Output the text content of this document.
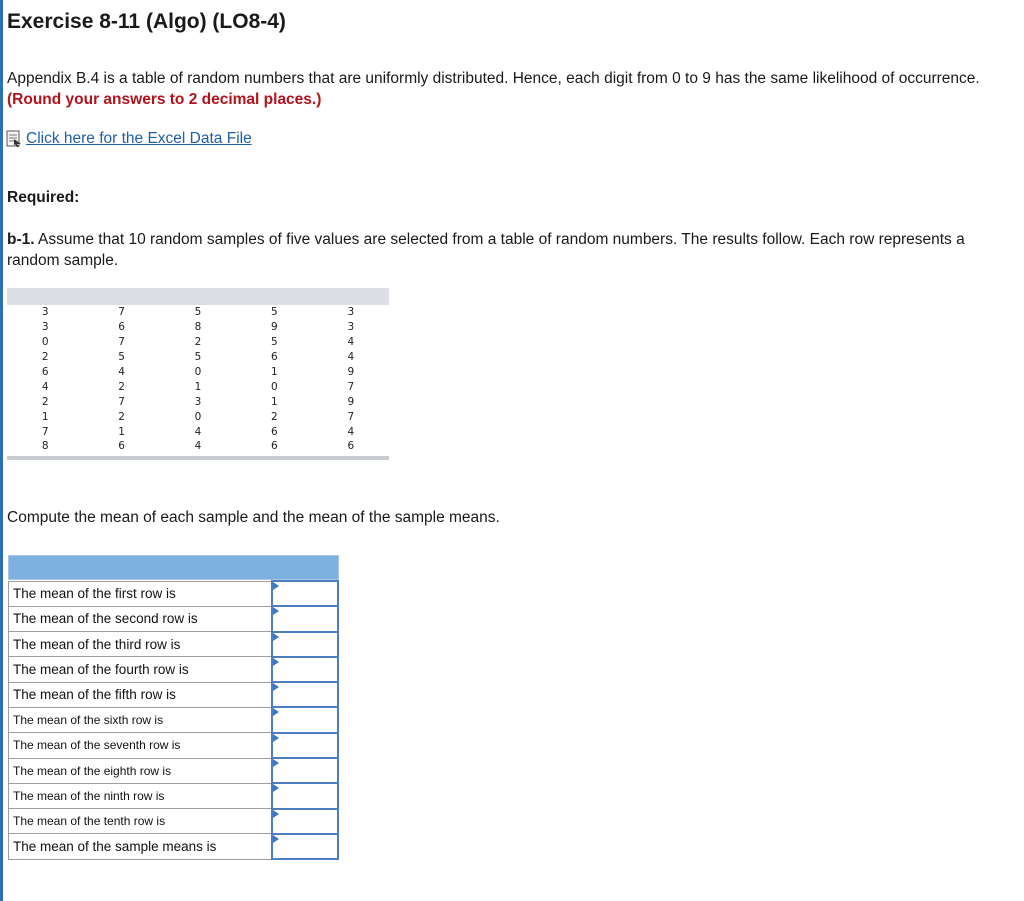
Exercise 8-11 (Algo) (LO8-4)

Appendix B.4 is a table of random numbers that are uniformly distributed. Hence, each digit from 0 to 9 has the same likelihood of occurrence. (Round your answers to 2 decimal places.)

Click here for the Excel Data File
Required:

b-1. Assume that 10 random samples of five values are selected from a table of random numbers. The results follow. Each row represents a random sample.

3	7	5	5	3
3	6	8	9	3
0	7	2	5	4
2	5	5	6	4
6	4	0	1	9
4	2	1	0	7
2	7	3	1	9
1	2	0	2	7
7	1	4	6	4
8	6	4	6	6

Compute the mean of each sample and the mean of the sample means.

The mean of the first row is	

The mean of the second row is	

The mean of the third row is	

The mean of the fourth row is	

The mean of the fifth row is	

The mean of the sixth row is	

The mean of the seventh row is	

The mean of the eighth row is	

The mean of the ninth row is	

The mean of the tenth row is	

The mean of the sample means is	
